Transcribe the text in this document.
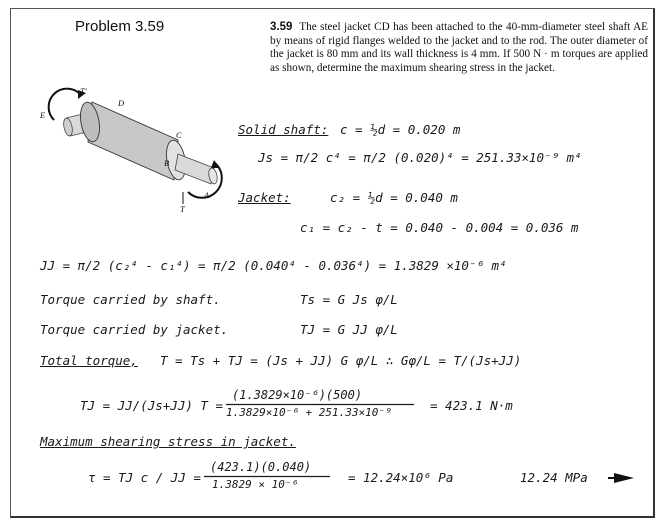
Problem 3.59	3.59 The steel jacket CD has been attached to the 40-mm-diameter steel shaft AE by means of rigid flanges welded to the jacket and to the rod. The outer diameter of the jacket is 80 mm and its wall thickness is 4 mm. If 500 N · m torques are applied as shown, determine the maximum shearing stress in the jacket.
T'
D
E
C
B
A
T
Solid shaft: c = ½d = 0.020 m
Js = π/2 c⁴ = π/2 (0.020)⁴ = 251.33×10⁻⁹ m⁴
Jacket:	c₂ = ½d = 0.040 m
c₁ = c₂ - t = 0.040 - 0.004 = 0.036 m
JJ = π/2 (c₂⁴ - c₁⁴) = π/2 (0.040⁴ - 0.036⁴) = 1.3829 ×10⁻⁶ m⁴
Torque carried by shaft.	Ts = G Js φ/L
Torque carried by jacket.	TJ = G JJ φ/L
Total torque, T = Ts + TJ = (Js + JJ) G φ/L ∴ Gφ/L = T/(Js+JJ)
TJ = JJ/(Js+JJ) T =
(1.3829×10⁻⁶)(500)
1.3829×10⁻⁶ + 251.33×10⁻⁹	= 423.1 N·m
Maximum shearing stress in jacket.
τ = TJ c / JJ =
(423.1)(0.040)
1.3829 × 10⁻⁶	= 12.24×10⁶ Pa	12.24 MPa
